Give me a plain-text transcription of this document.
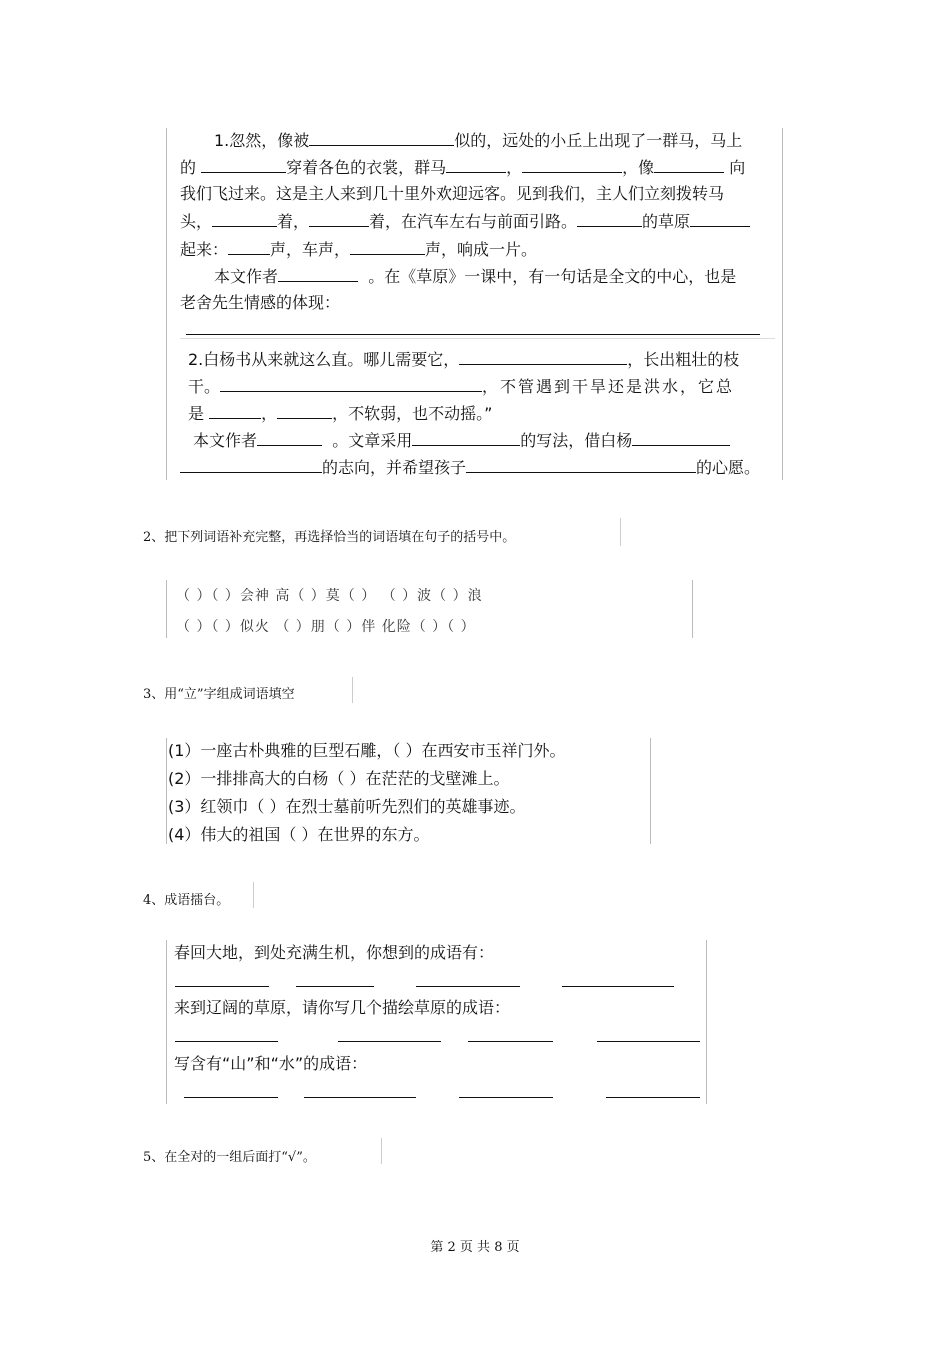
1.忽然，像被	似的，远处的小丘上出现了一群马，马上
的	穿着各色的衣裳，群马	，	，像	向
我们飞过来。这是主人来到几十里外欢迎远客。见到我们，主人们立刻拨转马
头，	着，	着，在汽车左右与前面引路。	的草原
起来：	声，车声，	声，响成一片。
本文作者	。在《草原》一课中，有一句话是全文的中心，也是
老舍先生情感的体现：
2.白杨书从来就这么直。哪儿需要它，	，长出粗壮的枝
干。	，不管遇到干旱还是洪水，它总
是	，	，不软弱，也不动摇。”
本文作者	。文章采用	的写法，借白杨
的志向，并希望孩子	的心愿。
2、把下列词语补充完整，再选择恰当的词语填在句子的括号中。
（ ）（ ）会神 高（ ）莫（ ） （ ）波（ ）浪
（ ）（ ）似火 （ ）朋（ ）伴 化险（ ）（ ）
3、用“立”字组成词语填空
(1）一座古朴典雅的巨型石雕，（ ）在西安市玉祥门外。
(2）一排排高大的白杨（ ）在茫茫的戈壁滩上。
(3）红领巾（ ）在烈士墓前听先烈们的英雄事迹。
(4）伟大的祖国（ ）在世界的东方。
4、成语擂台。
春回大地，到处充满生机，你想到的成语有：
来到辽阔的草原，请你写几个描绘草原的成语：
写含有“山”和“水”的成语：
5、在全对的一组后面打“√”。
第 2 页 共 8 页
